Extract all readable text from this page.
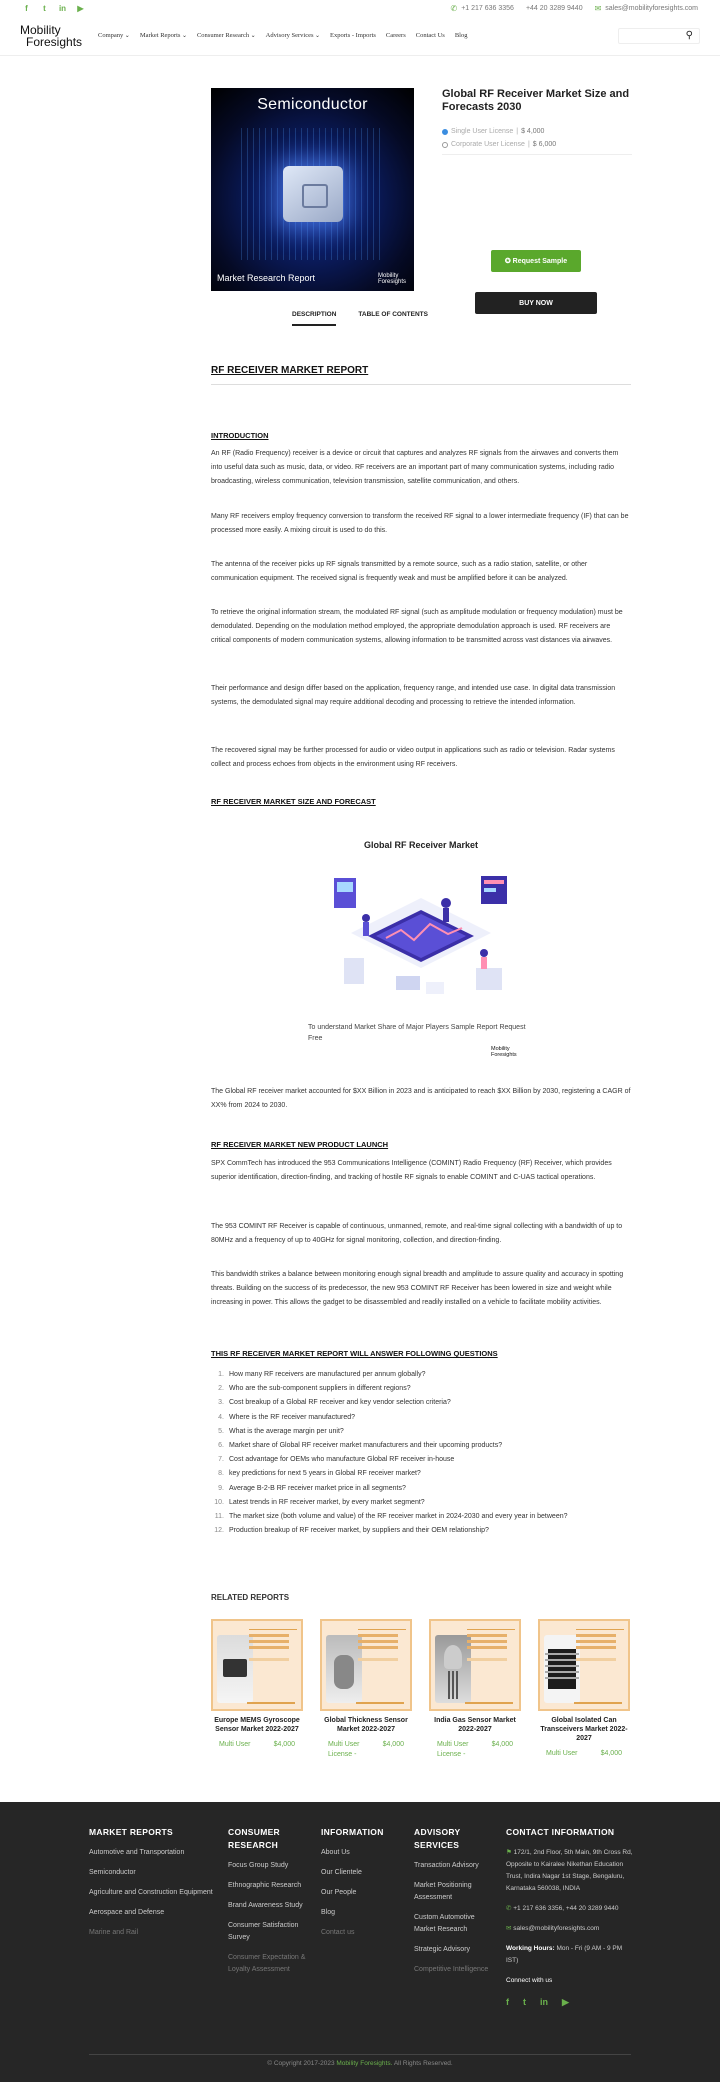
f	t	in ▶	✆ +1 217 636 3356 +44 20 3289 9440 ✉ sales@mobilityforesights.com
Mobility
Foresights	Company ⌄	Market Reports ⌄	Consumer Research ⌄	Advisory Services ⌄	Exports - Imports Careers Contact Us Blog	⚲
Semiconductor
Market Research Report	Mobility
Foresights
Global RF Receiver Market Size and Forecasts 2030
Single User License | $ 4,000
Corporate User License | $ 6,000
✪ Request Sample
BUY NOW
DESCRIPTION	TABLE OF CONTENTS
RF RECEIVER MARKET REPORT
INTRODUCTION
An RF (Radio Frequency) receiver is a device or circuit that captures and analyzes RF signals from the airwaves and converts them into useful data such as music, data, or video. RF receivers are an important part of many communication systems, including radio broadcasting, wireless communication, television transmission, satellite communication, and others.
Many RF receivers employ frequency conversion to transform the received RF signal to a lower intermediate frequency (IF) that can be processed more easily. A mixing circuit is used to do this.
The antenna of the receiver picks up RF signals transmitted by a remote source, such as a radio station, satellite, or other communication equipment. The received signal is frequently weak and must be amplified before it can be analyzed.
To retrieve the original information stream, the modulated RF signal (such as amplitude modulation or frequency modulation) must be demodulated. Depending on the modulation method employed, the appropriate demodulation approach is used. RF receivers are critical components of modern communication systems, allowing information to be transmitted across vast distances via airwaves.
Their performance and design differ based on the application, frequency range, and intended use case. In digital data transmission systems, the demodulated signal may require additional decoding and processing to retrieve the intended information.
The recovered signal may be further processed for audio or video output in applications such as radio or television. Radar systems collect and process echoes from objects in the environment using RF receivers.
RF RECEIVER MARKET SIZE AND FORECAST
Global RF Receiver Market
To understand Market Share of Major Players Sample Report Request Free
Mobility
Foresights
The Global RF receiver market accounted for $XX Billion in 2023 and is anticipated to reach $XX Billion by 2030, registering a CAGR of XX% from 2024 to 2030.
RF RECEIVER MARKET NEW PRODUCT LAUNCH
SPX CommTech has introduced the 953 Communications Intelligence (COMINT) Radio Frequency (RF) Receiver, which provides superior identification, direction-finding, and tracking of hostile RF signals to enable COMINT and C-UAS tactical operations.
The 953 COMINT RF Receiver is capable of continuous, unmanned, remote, and real-time signal collecting with a bandwidth of up to 80MHz and a frequency of up to 40GHz for signal monitoring, collection, and direction-finding.
This bandwidth strikes a balance between monitoring enough signal breadth and amplitude to assure quality and accuracy in spotting threats. Building on the success of its predecessor, the new 953 COMINT RF Receiver has been lowered in size and weight while increasing in power. This allows the gadget to be disassembled and readily installed on a vehicle to facilitate mobility activities.
THIS RF RECEIVER MARKET REPORT WILL ANSWER FOLLOWING QUESTIONS
1. How many RF receivers are manufactured per annum globally?
2. Who are the sub-component suppliers in different regions?
3. Cost breakup of a Global RF receiver and key vendor selection criteria?
4. Where is the RF receiver manufactured?
5. What is the average margin per unit?
6. Market share of Global RF receiver market manufacturers and their upcoming products?
7. Cost advantage for OEMs who manufacture Global RF receiver in-house
8. key predictions for next 5 years in Global RF receiver market?
9. Average B-2-B RF receiver market price in all segments?
10. Latest trends in RF receiver market, by every market segment?
11. The market size (both volume and value) of the RF receiver market in 2024-2030 and every year in between?
12. Production breakup of RF receiver market, by suppliers and their OEM relationship?
RELATED REPORTS
Europe MEMS Gyroscope Sensor Market 2022-2027
Multi User	$4,000
Global Thickness Sensor Market 2022-2027
Multi User License -
$4,000
India Gas Sensor Market 2022-2027
Multi User License -
$4,000
Global Isolated Can Transceivers Market 2022-2027
Multi User	$4,000
MARKET REPORTS
Automotive and Transportation
Semiconductor
Agriculture and Construction Equipment
Aerospace and Defense
Marine and Rail
CONSUMER RESEARCH
Focus Group Study
Ethnographic Research
Brand Awareness Study
Consumer Satisfaction Survey
Consumer Expectation & Loyalty Assessment
INFORMATION
About Us
Our Clientele
Our People
Blog
Contact us
ADVISORY SERVICES
Transaction Advisory
Market Positioning Assessment
Custom Automotive Market Research
Strategic Advisory
Competitive Intelligence
CONTACT INFORMATION
⚑ 172/1, 2nd Floor, 5th Main, 9th Cross Rd, Opposite to Kairalee Nikethan Education Trust, Indira Nagar 1st Stage, Bengaluru, Karnataka 560038, INDIA
✆ +1 217 636 3356, +44 20 3289 9440
✉ sales@mobilityforesights.com
Working Hours: Mon - Fri (9 AM - 9 PM IST)
Connect with us
f t in ▶
© Copyright 2017-2023 Mobility Foresights. All Rights Reserved.
